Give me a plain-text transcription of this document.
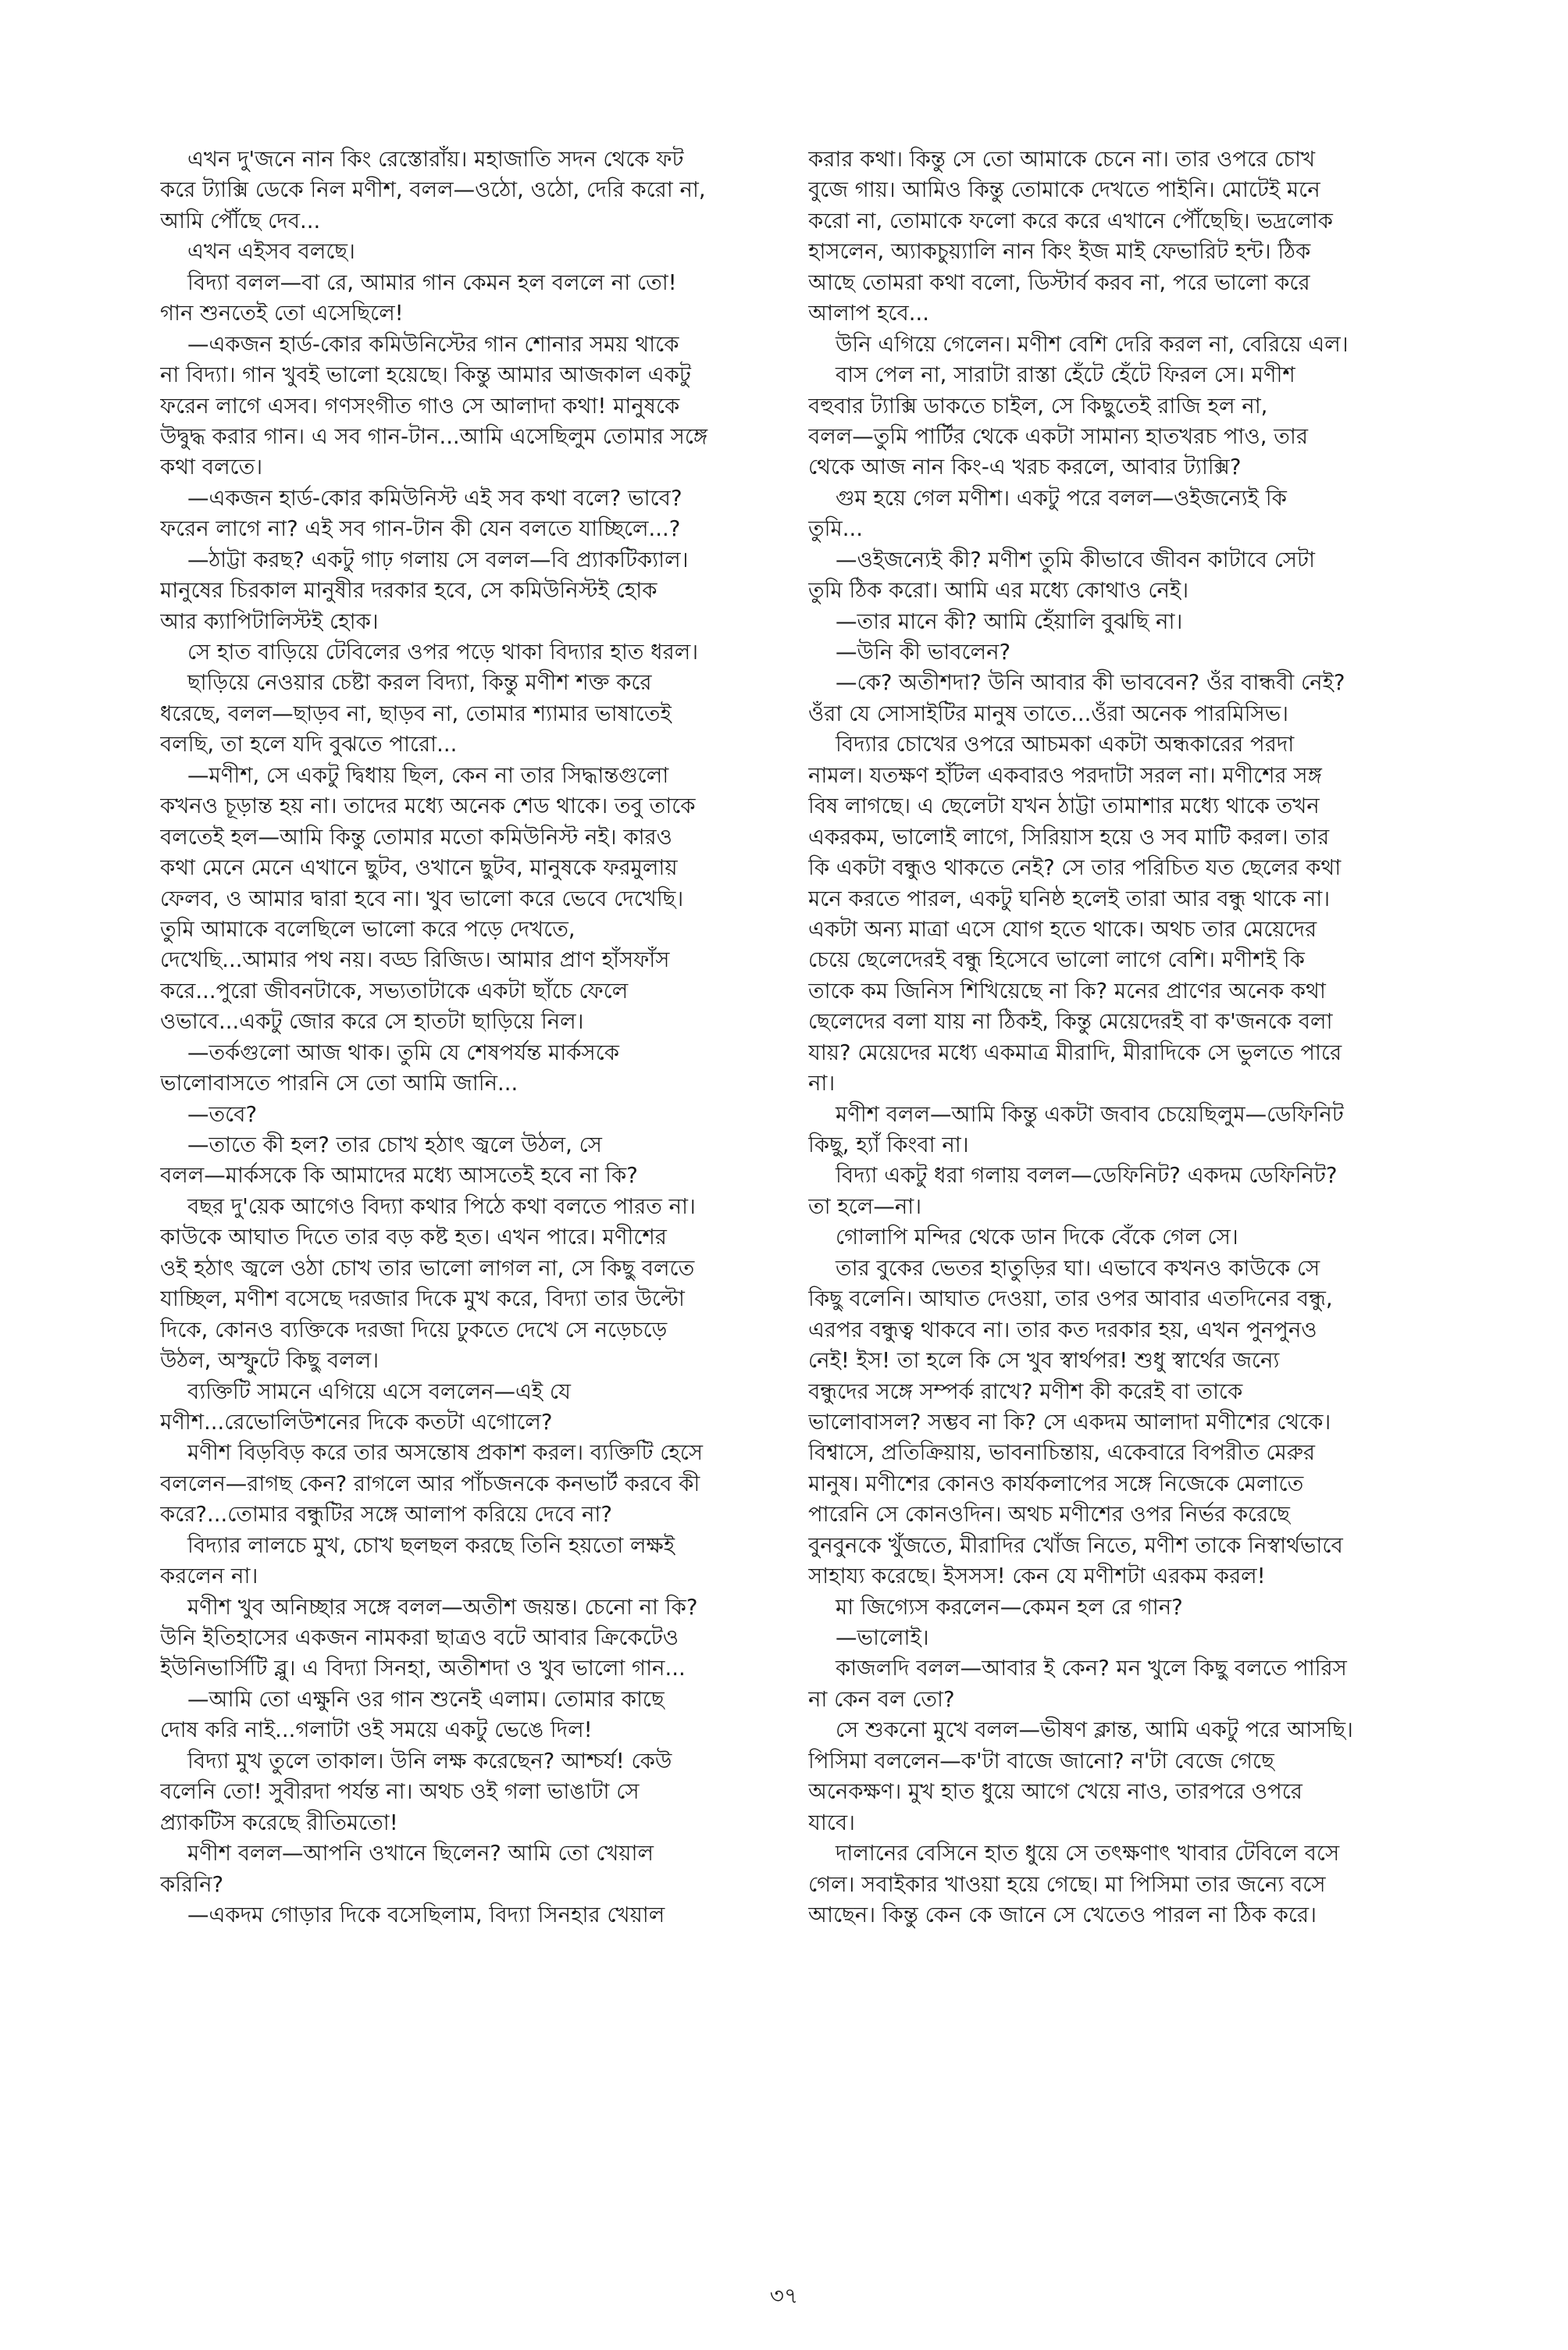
এখন দু'জনে নান কিং রেস্তোরাঁয়। মহাজাতি সদন থেকে ফট
করে ট্যাক্সি ডেকে নিল মণীশ, বলল—ওঠো, ওঠো, দেরি করো না,
আমি পৌঁছে দেব...
এখন এইসব বলছে।
বিদ্যা বলল—বা রে, আমার গান কেমন হল বললে না তো!
গান শুনতেই তো এসেছিলে!
—একজন হার্ড-কোর কমিউনিস্টের গান শোনার সময় থাকে
না বিদ্যা। গান খুবই ভালো হয়েছে। কিন্তু আমার আজকাল একটু
ফরেন লাগে এসব। গণসংগীত গাও সে আলাদা কথা! মানুষকে
উদ্বুদ্ধ করার গান। এ সব গান-টান...আমি এসেছিলুম তোমার সঙ্গে
কথা বলতে।
—একজন হার্ড-কোর কমিউনিস্ট এই সব কথা বলে? ভাবে?
ফরেন লাগে না? এই সব গান-টান কী যেন বলতে যাচ্ছিলে...?
—ঠাট্টা করছ? একটু গাঢ় গলায় সে বলল—বি প্র্যাকটিক্যাল।
মানুষের চিরকাল মানুষীর দরকার হবে, সে কমিউনিস্টই হোক
আর ক্যাপিটালিস্টই হোক।
সে হাত বাড়িয়ে টেবিলের ওপর পড়ে থাকা বিদ্যার হাত ধরল।
ছাড়িয়ে নেওয়ার চেষ্টা করল বিদ্যা, কিন্তু মণীশ শক্ত করে
ধরেছে, বলল—ছাড়ব না, ছাড়ব না, তোমার শ্যামার ভাষাতেই
বলছি, তা হলে যদি বুঝতে পারো...
—মণীশ, সে একটু দ্বিধায় ছিল, কেন না তার সিদ্ধান্তগুলো
কখনও চূড়ান্ত হয় না। তাদের মধ্যে অনেক শেড থাকে। তবু তাকে
বলতেই হল—আমি কিন্তু তোমার মতো কমিউনিস্ট নই। কারও
কথা মেনে মেনে এখানে ছুটব, ওখানে ছুটব, মানুষকে ফরমুলায়
ফেলব, ও আমার দ্বারা হবে না। খুব ভালো করে ভেবে দেখেছি।
তুমি আমাকে বলেছিলে ভালো করে পড়ে দেখতে,
দেখেছি...আমার পথ নয়। বড্ড রিজিড। আমার প্রাণ হাঁসফাঁস
করে...পুরো জীবনটাকে, সভ্যতাটাকে একটা ছাঁচে ফেলে
ওভাবে...একটু জোর করে সে হাতটা ছাড়িয়ে নিল।
—তর্কগুলো আজ থাক। তুমি যে শেষপর্যন্ত মার্কসকে
ভালোবাসতে পারনি সে তো আমি জানি...
—তবে?
—তাতে কী হল? তার চোখ হঠাৎ জ্বলে উঠল, সে
বলল—মার্কসকে কি আমাদের মধ্যে আসতেই হবে না কি?
বছর দু'য়েক আগেও বিদ্যা কথার পিঠে কথা বলতে পারত না।
কাউকে আঘাত দিতে তার বড় কষ্ট হত। এখন পারে। মণীশের
ওই হঠাৎ জ্বলে ওঠা চোখ তার ভালো লাগল না, সে কিছু বলতে
যাচ্ছিল, মণীশ বসেছে দরজার দিকে মুখ করে, বিদ্যা তার উল্টো
দিকে, কোনও ব্যক্তিকে দরজা দিয়ে ঢুকতে দেখে সে নড়েচড়ে
উঠল, অস্ফুটে কিছু বলল।
ব্যক্তিটি সামনে এগিয়ে এসে বললেন—এই যে
মণীশ...রেভোলিউশনের দিকে কতটা এগোলে?
মণীশ বিড়বিড় করে তার অসন্তোষ প্রকাশ করল। ব্যক্তিটি হেসে
বললেন—রাগছ কেন? রাগলে আর পাঁচজনকে কনভার্ট করবে কী
করে?...তোমার বন্ধুটির সঙ্গে আলাপ করিয়ে দেবে না?
বিদ্যার লালচে মুখ, চোখ ছলছল করছে তিনি হয়তো লক্ষই
করলেন না।
মণীশ খুব অনিচ্ছার সঙ্গে বলল—অতীশ জয়ন্ত। চেনো না কি?
উনি ইতিহাসের একজন নামকরা ছাত্রও বটে আবার ক্রিকেটেও
ইউনিভার্সিটি ব্লু। এ বিদ্যা সিনহা, অতীশদা ও খুব ভালো গান...
—আমি তো এক্ষুনি ওর গান শুনেই এলাম। তোমার কাছে
দোষ করি নাই...গলাটা ওই সময়ে একটু ভেঙে দিল!
বিদ্যা মুখ তুলে তাকাল। উনি লক্ষ করেছেন? আশ্চর্য! কেউ
বলেনি তো! সুবীরদা পর্যন্ত না। অথচ ওই গলা ভাঙাটা সে
প্র্যাকটিস করেছে রীতিমতো!
মণীশ বলল—আপনি ওখানে ছিলেন? আমি তো খেয়াল
করিনি?
—একদম গোড়ার দিকে বসেছিলাম, বিদ্যা সিনহার খেয়াল
করার কথা। কিন্তু সে তো আমাকে চেনে না। তার ওপরে চোখ
বুজে গায়। আমিও কিন্তু তোমাকে দেখতে পাইনি। মোটেই মনে
করো না, তোমাকে ফলো করে করে এখানে পৌঁছেছি। ভদ্রলোক
হাসলেন, অ্যাকচুয়্যালি নান কিং ইজ মাই ফেভারিট হন্ট। ঠিক
আছে তোমরা কথা বলো, ডিস্টার্ব করব না, পরে ভালো করে
আলাপ হবে...
উনি এগিয়ে গেলেন। মণীশ বেশি দেরি করল না, বেরিয়ে এল।
বাস পেল না, সারাটা রাস্তা হেঁটে হেঁটে ফিরল সে। মণীশ
বহুবার ট্যাক্সি ডাকতে চাইল, সে কিছুতেই রাজি হল না,
বলল—তুমি পার্টির থেকে একটা সামান্য হাতখরচ পাও, তার
থেকে আজ নান কিং-এ খরচ করলে, আবার ট্যাক্সি?
গুম হয়ে গেল মণীশ। একটু পরে বলল—ওইজন্যেই কি
তুমি...
—ওইজন্যেই কী? মণীশ তুমি কীভাবে জীবন কাটাবে সেটা
তুমি ঠিক করো। আমি এর মধ্যে কোথাও নেই।
—তার মানে কী? আমি হেঁয়ালি বুঝছি না।
—উনি কী ভাবলেন?
—কে? অতীশদা? উনি আবার কী ভাববেন? ওঁর বান্ধবী নেই?
ওঁরা যে সোসাইটির মানুষ তাতে...ওঁরা অনেক পারমিসিভ।
বিদ্যার চোখের ওপরে আচমকা একটা অন্ধকারের পরদা
নামল। যতক্ষণ হাঁটল একবারও পরদাটা সরল না। মণীশের সঙ্গ
বিষ লাগছে। এ ছেলেটা যখন ঠাট্টা তামাশার মধ্যে থাকে তখন
একরকম, ভালোই লাগে, সিরিয়াস হয়ে ও সব মাটি করল। তার
কি একটা বন্ধুও থাকতে নেই? সে তার পরিচিত যত ছেলের কথা
মনে করতে পারল, একটু ঘনিষ্ঠ হলেই তারা আর বন্ধু থাকে না।
একটা অন্য মাত্রা এসে যোগ হতে থাকে। অথচ তার মেয়েদের
চেয়ে ছেলেদেরই বন্ধু হিসেবে ভালো লাগে বেশি। মণীশই কি
তাকে কম জিনিস শিখিয়েছে না কি? মনের প্রাণের অনেক কথা
ছেলেদের বলা যায় না ঠিকই, কিন্তু মেয়েদেরই বা ক'জনকে বলা
যায়? মেয়েদের মধ্যে একমাত্র মীরাদি, মীরাদিকে সে ভুলতে পারে
না।
মণীশ বলল—আমি কিন্তু একটা জবাব চেয়েছিলুম—ডেফিনিট
কিছু, হ্যাঁ কিংবা না।
বিদ্যা একটু ধরা গলায় বলল—ডেফিনিট? একদম ডেফিনিট?
তা হলে—না।
গোলাপি মন্দির থেকে ডান দিকে বেঁকে গেল সে।
তার বুকের ভেতর হাতুড়ির ঘা। এভাবে কখনও কাউকে সে
কিছু বলেনি। আঘাত দেওয়া, তার ওপর আবার এতদিনের বন্ধু,
এরপর বন্ধুত্ব থাকবে না। তার কত দরকার হয়, এখন পুনপুনও
নেই! ইস! তা হলে কি সে খুব স্বার্থপর! শুধু স্বার্থের জন্যে
বন্ধুদের সঙ্গে সম্পর্ক রাখে? মণীশ কী করেই বা তাকে
ভালোবাসল? সম্ভব না কি? সে একদম আলাদা মণীশের থেকে।
বিশ্বাসে, প্রতিক্রিয়ায়, ভাবনাচিন্তায়, একেবারে বিপরীত মেরুর
মানুষ। মণীশের কোনও কার্যকলাপের সঙ্গে নিজেকে মেলাতে
পারেনি সে কোনওদিন। অথচ মণীশের ওপর নির্ভর করেছে
বুনবুনকে খুঁজতে, মীরাদির খোঁজ নিতে, মণীশ তাকে নিস্বার্থভাবে
সাহায্য করেছে। ইসসস! কেন যে মণীশটা এরকম করল!
মা জিগ্যেস করলেন—কেমন হল রে গান?
—ভালোই।
কাজলদি বলল—আবার ই কেন? মন খুলে কিছু বলতে পারিস
না কেন বল তো?
সে শুকনো মুখে বলল—ভীষণ ক্লান্ত, আমি একটু পরে আসছি।
পিসিমা বললেন—ক'টা বাজে জানো? ন'টা বেজে গেছে
অনেকক্ষণ। মুখ হাত ধুয়ে আগে খেয়ে নাও, তারপরে ওপরে
যাবে।
দালানের বেসিনে হাত ধুয়ে সে তৎক্ষণাৎ খাবার টেবিলে বসে
গেল। সবাইকার খাওয়া হয়ে গেছে। মা পিসিমা তার জন্যে বসে
আছেন। কিন্তু কেন কে জানে সে খেতেও পারল না ঠিক করে।
৩৭
